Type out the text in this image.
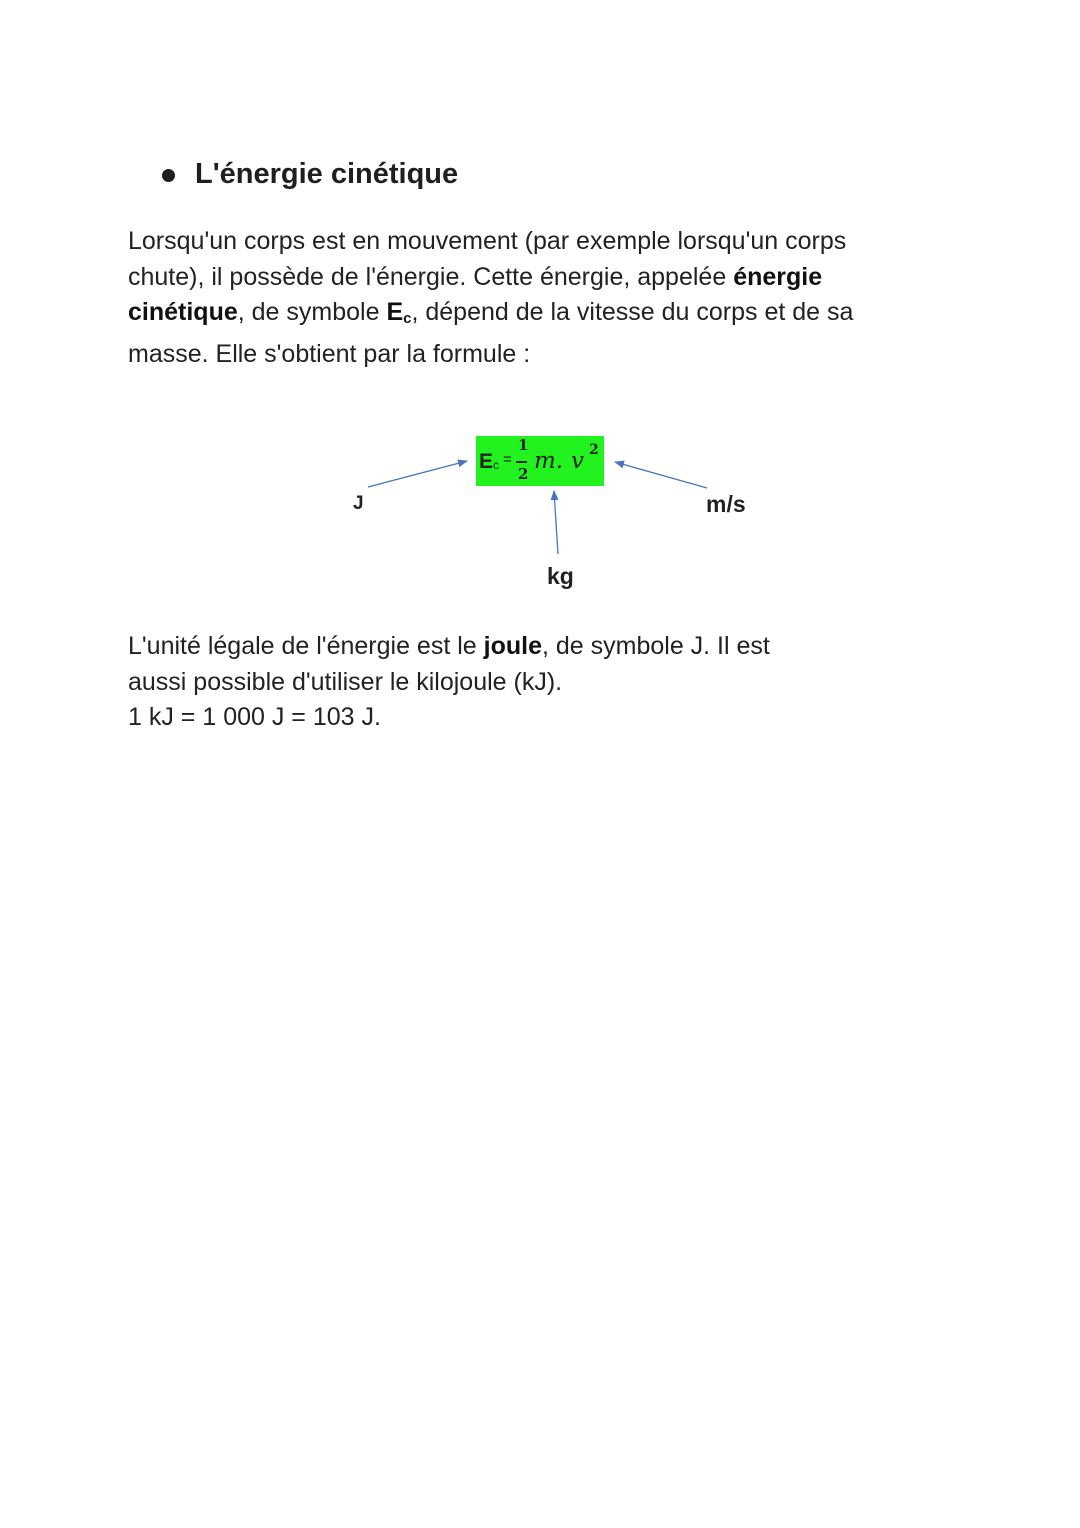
L'énergie cinétique
Lorsqu'un corps est en mouvement (par exemple lorsqu'un corps
chute), il possède de l'énergie. Cette énergie, appelée énergie
cinétique, de symbole $E_c$, dépend de la vitesse du corps et de sa
masse. Elle s'obtient par la formule :
E c =
1
2 m. v 2
J	m/s
kg
L'unité légale de l'énergie est le joule, de symbole J. Il est
aussi possible d'utiliser le kilojoule (kJ).
1 kJ = 1 000 J = 103 J.
